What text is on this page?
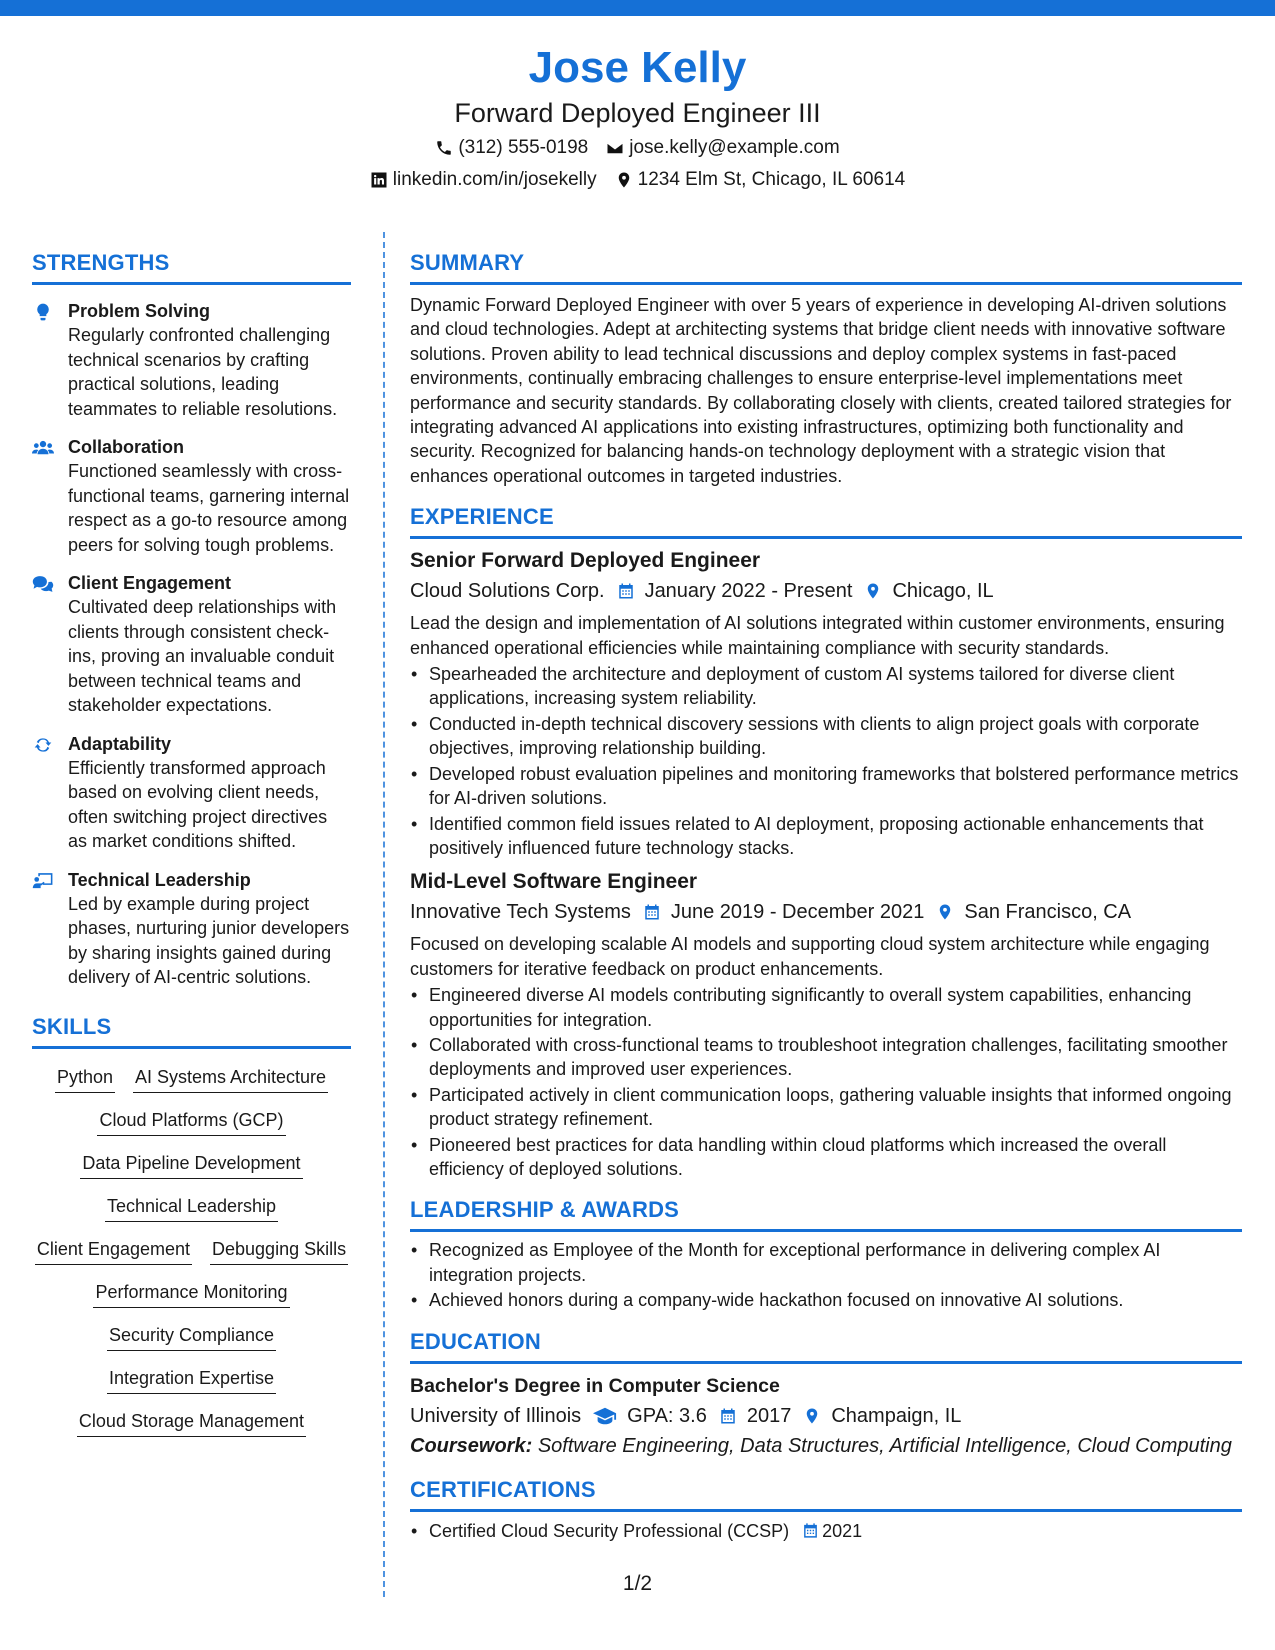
Jose Kelly
Forward Deployed Engineer III
(312) 555-0198 jose.kelly@example.com
linkedin.com/in/josekelly 1234 Elm St, Chicago, IL 60614
STRENGTHS
Problem Solving
Regularly confronted challenging technical scenarios by crafting practical solutions, leading teammates to reliable resolutions.
Collaboration
Functioned seamlessly with cross-functional teams, garnering internal respect as a go-to resource among peers for solving tough problems.
Client Engagement
Cultivated deep relationships with clients through consistent check-ins, proving an invaluable conduit between technical teams and stakeholder expectations.
Adaptability
Efficiently transformed approach based on evolving client needs, often switching project directives as market conditions shifted.
Technical Leadership
Led by example during project phases, nurturing junior developers by sharing insights gained during delivery of AI-centric solutions.
SKILLS
Python AI Systems Architecture
Cloud Platforms (GCP)
Data Pipeline Development
Technical Leadership
Client Engagement Debugging Skills
Performance Monitoring
Security Compliance
Integration Expertise
Cloud Storage Management
SUMMARY
Dynamic Forward Deployed Engineer with over 5 years of experience in developing AI-driven solutions and cloud technologies. Adept at architecting systems that bridge client needs with innovative software solutions. Proven ability to lead technical discussions and deploy complex systems in fast-paced environments, continually embracing challenges to ensure enterprise-level implementations meet performance and security standards. By collaborating closely with clients, created tailored strategies for integrating advanced AI applications into existing infrastructures, optimizing both functionality and security. Recognized for balancing hands-on technology deployment with a strategic vision that enhances operational outcomes in targeted industries.
EXPERIENCE
Senior Forward Deployed Engineer
Cloud Solutions Corp. January 2022 - Present Chicago, IL
Lead the design and implementation of AI solutions integrated within customer environments, ensuring enhanced operational efficiencies while maintaining compliance with security standards.
• Spearheaded the architecture and deployment of custom AI systems tailored for diverse client applications, increasing system reliability.
• Conducted in-depth technical discovery sessions with clients to align project goals with corporate objectives, improving relationship building.
• Developed robust evaluation pipelines and monitoring frameworks that bolstered performance metrics for AI-driven solutions.
• Identified common field issues related to AI deployment, proposing actionable enhancements that positively influenced future technology stacks.
Mid-Level Software Engineer
Innovative Tech Systems June 2019 - December 2021 San Francisco, CA
Focused on developing scalable AI models and supporting cloud system architecture while engaging customers for iterative feedback on product enhancements.
• Engineered diverse AI models contributing significantly to overall system capabilities, enhancing opportunities for integration.
• Collaborated with cross-functional teams to troubleshoot integration challenges, facilitating smoother deployments and improved user experiences.
• Participated actively in client communication loops, gathering valuable insights that informed ongoing product strategy refinement.
• Pioneered best practices for data handling within cloud platforms which increased the overall efficiency of deployed solutions.
LEADERSHIP & AWARDS
• Recognized as Employee of the Month for exceptional performance in delivering complex AI integration projects.
• Achieved honors during a company-wide hackathon focused on innovative AI solutions.
EDUCATION
Bachelor's Degree in Computer Science
University of Illinois GPA: 3.6 2017 Champaign, IL
Coursework: Software Engineering, Data Structures, Artificial Intelligence, Cloud Computing
CERTIFICATIONS
• Certified Cloud Security Professional (CCSP) 2021
1/2
